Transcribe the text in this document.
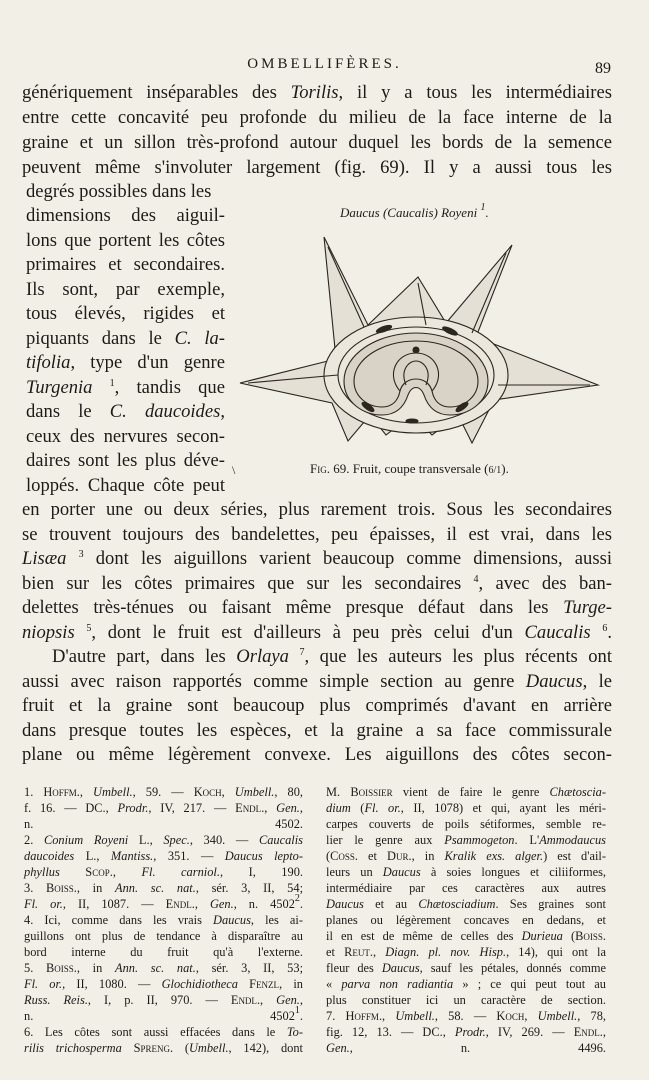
OMBELLIFÈRES.	89
génériquement inséparables des Torilis, il y a tous les intermédiaires
entre cette concavité peu profonde du milieu de la face interne de la
graine et un sillon très-profond autour duquel les bords de la semence
peuvent même s'involuter largement (fig. 69). Il y a aussi tous les
degrés possibles dans les
dimensions des aiguil-
lons que portent les côtes
primaires et secondaires.
Ils sont, par exemple,
tous élevés, rigides et
piquants dans le C. la-
tifolia, type d'un genre
Turgenia $^1$, tandis que
dans le C. daucoides,
ceux des nervures secon-
daires sont les plus déve-
loppés. Chaque côte peut
en porter une ou deux séries, plus rarement trois. Sous les secondaires
se trouvent toujours des bandelettes, peu épaisses, il est vrai, dans les
Lisæa $^3$ dont les aiguillons varient beaucoup comme dimensions, aussi
bien sur les côtes primaires que sur les secondaires $^4$, avec des ban-
delettes très-ténues ou faisant même presque défaut dans les Turge-
niopsis $^5$, dont le fruit est d'ailleurs à peu près celui d'un Caucalis $^6$.
D'autre part, dans les Orlaya $^7$, que les auteurs les plus récents ont
aussi avec raison rapportés comme simple section au genre Daucus, le
fruit et la graine sont beaucoup plus comprimés d'avant en arrière
dans presque toutes les espèces, et la graine a sa face commissurale
plane ou même légèrement convexe. Les aiguillons des côtes secon-
Daucus (Caucalis) Royeni $^1$.
Fig. 69. Fruit, coupe transversale (6/1).
\
1. Hoffm., Umbell., 59. — Koch, Umbell., 80,
f. 16. — DC., Prodr., IV, 217. — Endl., Gen.,
n. 4502.
2. Conium Royeni L., Spec., 340. — Caucalis
daucoides L., Mantiss., 351. — Daucus lepto-
phyllus Scop., Fl. carniol., I, 190.
3. Boiss., in Ann. sc. nat., sér. 3, II, 54;
Fl. or., II, 1087. — Endl., Gen., n. 4502$^2$.
4. Ici, comme dans les vrais Daucus, les ai-
guillons ont plus de tendance à disparaître au
bord interne du fruit qu'à l'externe.
5. Boiss., in Ann. sc. nat., sér. 3, II, 53;
Fl. or., II, 1080. — Glochidiotheca Fenzl, in
Russ. Reis., I, p. II, 970. — Endl., Gen.,
n. 4502$^1$.
6. Les côtes sont aussi effacées dans le To-
rilis trichosperma Spreng. (Umbell., 142), dont
M. Boissier vient de faire le genre Chætoscia-
dium (Fl. or., II, 1078) et qui, ayant les méri-
carpes couverts de poils sétiformes, semble re-
lier le genre aux Psammogeton. L'Ammodaucus
(Coss. et Dur., in Kralik exs. alger.) est d'ail-
leurs un Daucus à soies longues et ciliiformes,
intermédiaire par ces caractères aux autres
Daucus et au Chætosciadium. Ses graines sont
planes ou légèrement concaves en dedans, et
il en est de même de celles des Durieua (Boiss.
et Reut., Diagn. pl. nov. Hisp., 14), qui ont la
fleur des Daucus, sauf les pétales, donnés comme
« parva non radiantia » ; ce qui peut tout au
plus constituer ici un caractère de section.
7. Hoffm., Umbell., 58. — Koch, Umbell., 78,
fig. 12, 13. — DC., Prodr., IV, 269. — Endl.,
Gen., n. 4496.
